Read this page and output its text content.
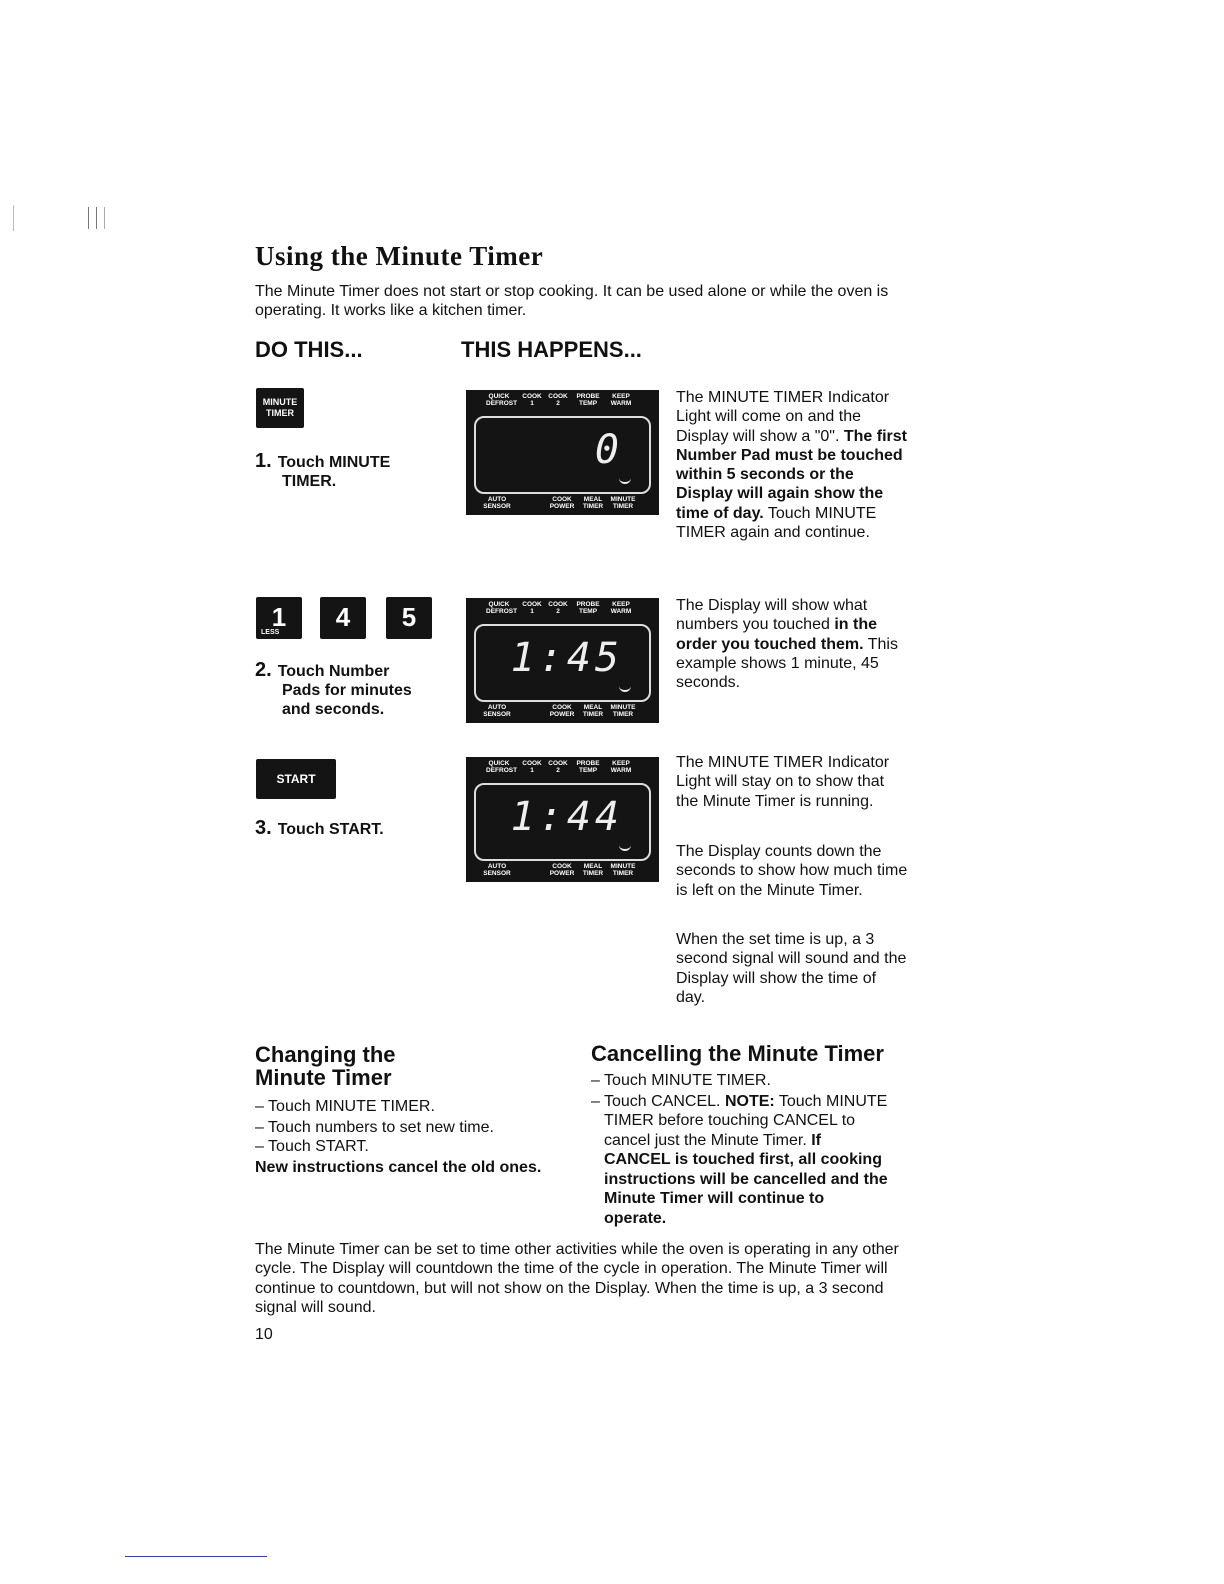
Using the Minute Timer

The Minute Timer does not start or stop cooking. It can be used alone or while the oven is operating. It works like a kitchen timer.

DO THIS...	THIS HAPPENS...

MINUTE
TIMER

1. Touch MINUTE
TIMER.

QUICK
DEFROST
COOK
1
COOK
2
PROBE
TEMP
KEEP
WARM
0
AUTO
SENSOR
COOK
POWER
MEAL
TIMER
MINUTE
TIMER

The MINUTE TIMER Indicator Light will come on and the Display will show a "0". The first Number Pad must be touched within 5 seconds or the Display will again show the time of day. Touch MINUTE TIMER again and continue.

1
LESS
4	5

2. Touch Number
Pads for minutes
and seconds.

QUICK
DEFROST
COOK
1
COOK
2
PROBE
TEMP
KEEP
WARM
1:45
AUTO
SENSOR
COOK
POWER
MEAL
TIMER
MINUTE
TIMER

The Display will show what numbers you touched in the order you touched them. This example shows 1 minute, 45 seconds.

START

3. Touch START.

QUICK
DEFROST
COOK
1
COOK
2
PROBE
TEMP
KEEP
WARM
1:44
AUTO
SENSOR
COOK
POWER
MEAL
TIMER
MINUTE
TIMER

The MINUTE TIMER Indicator Light will stay on to show that the Minute Timer is running.

The Display counts down the seconds to show how much time is left on the Minute Timer.

When the set time is up, a 3 second signal will sound and the Display will show the time of day.

Changing the
Minute Timer

– Touch MINUTE TIMER.

– Touch numbers to set new time.

– Touch START.

New instructions cancel the old ones.

Cancelling the Minute Timer

– Touch MINUTE TIMER.

– Touch CANCEL. NOTE: Touch MINUTE TIMER before touching CANCEL to cancel just the Minute Timer. If CANCEL is touched first, all cooking instructions will be cancelled and the Minute Timer will continue to operate.

The Minute Timer can be set to time other activities while the oven is operating in any other cycle. The Display will countdown the time of the cycle in operation. The Minute Timer will continue to countdown, but will not show on the Display. When the time is up, a 3 second signal will sound.

10
